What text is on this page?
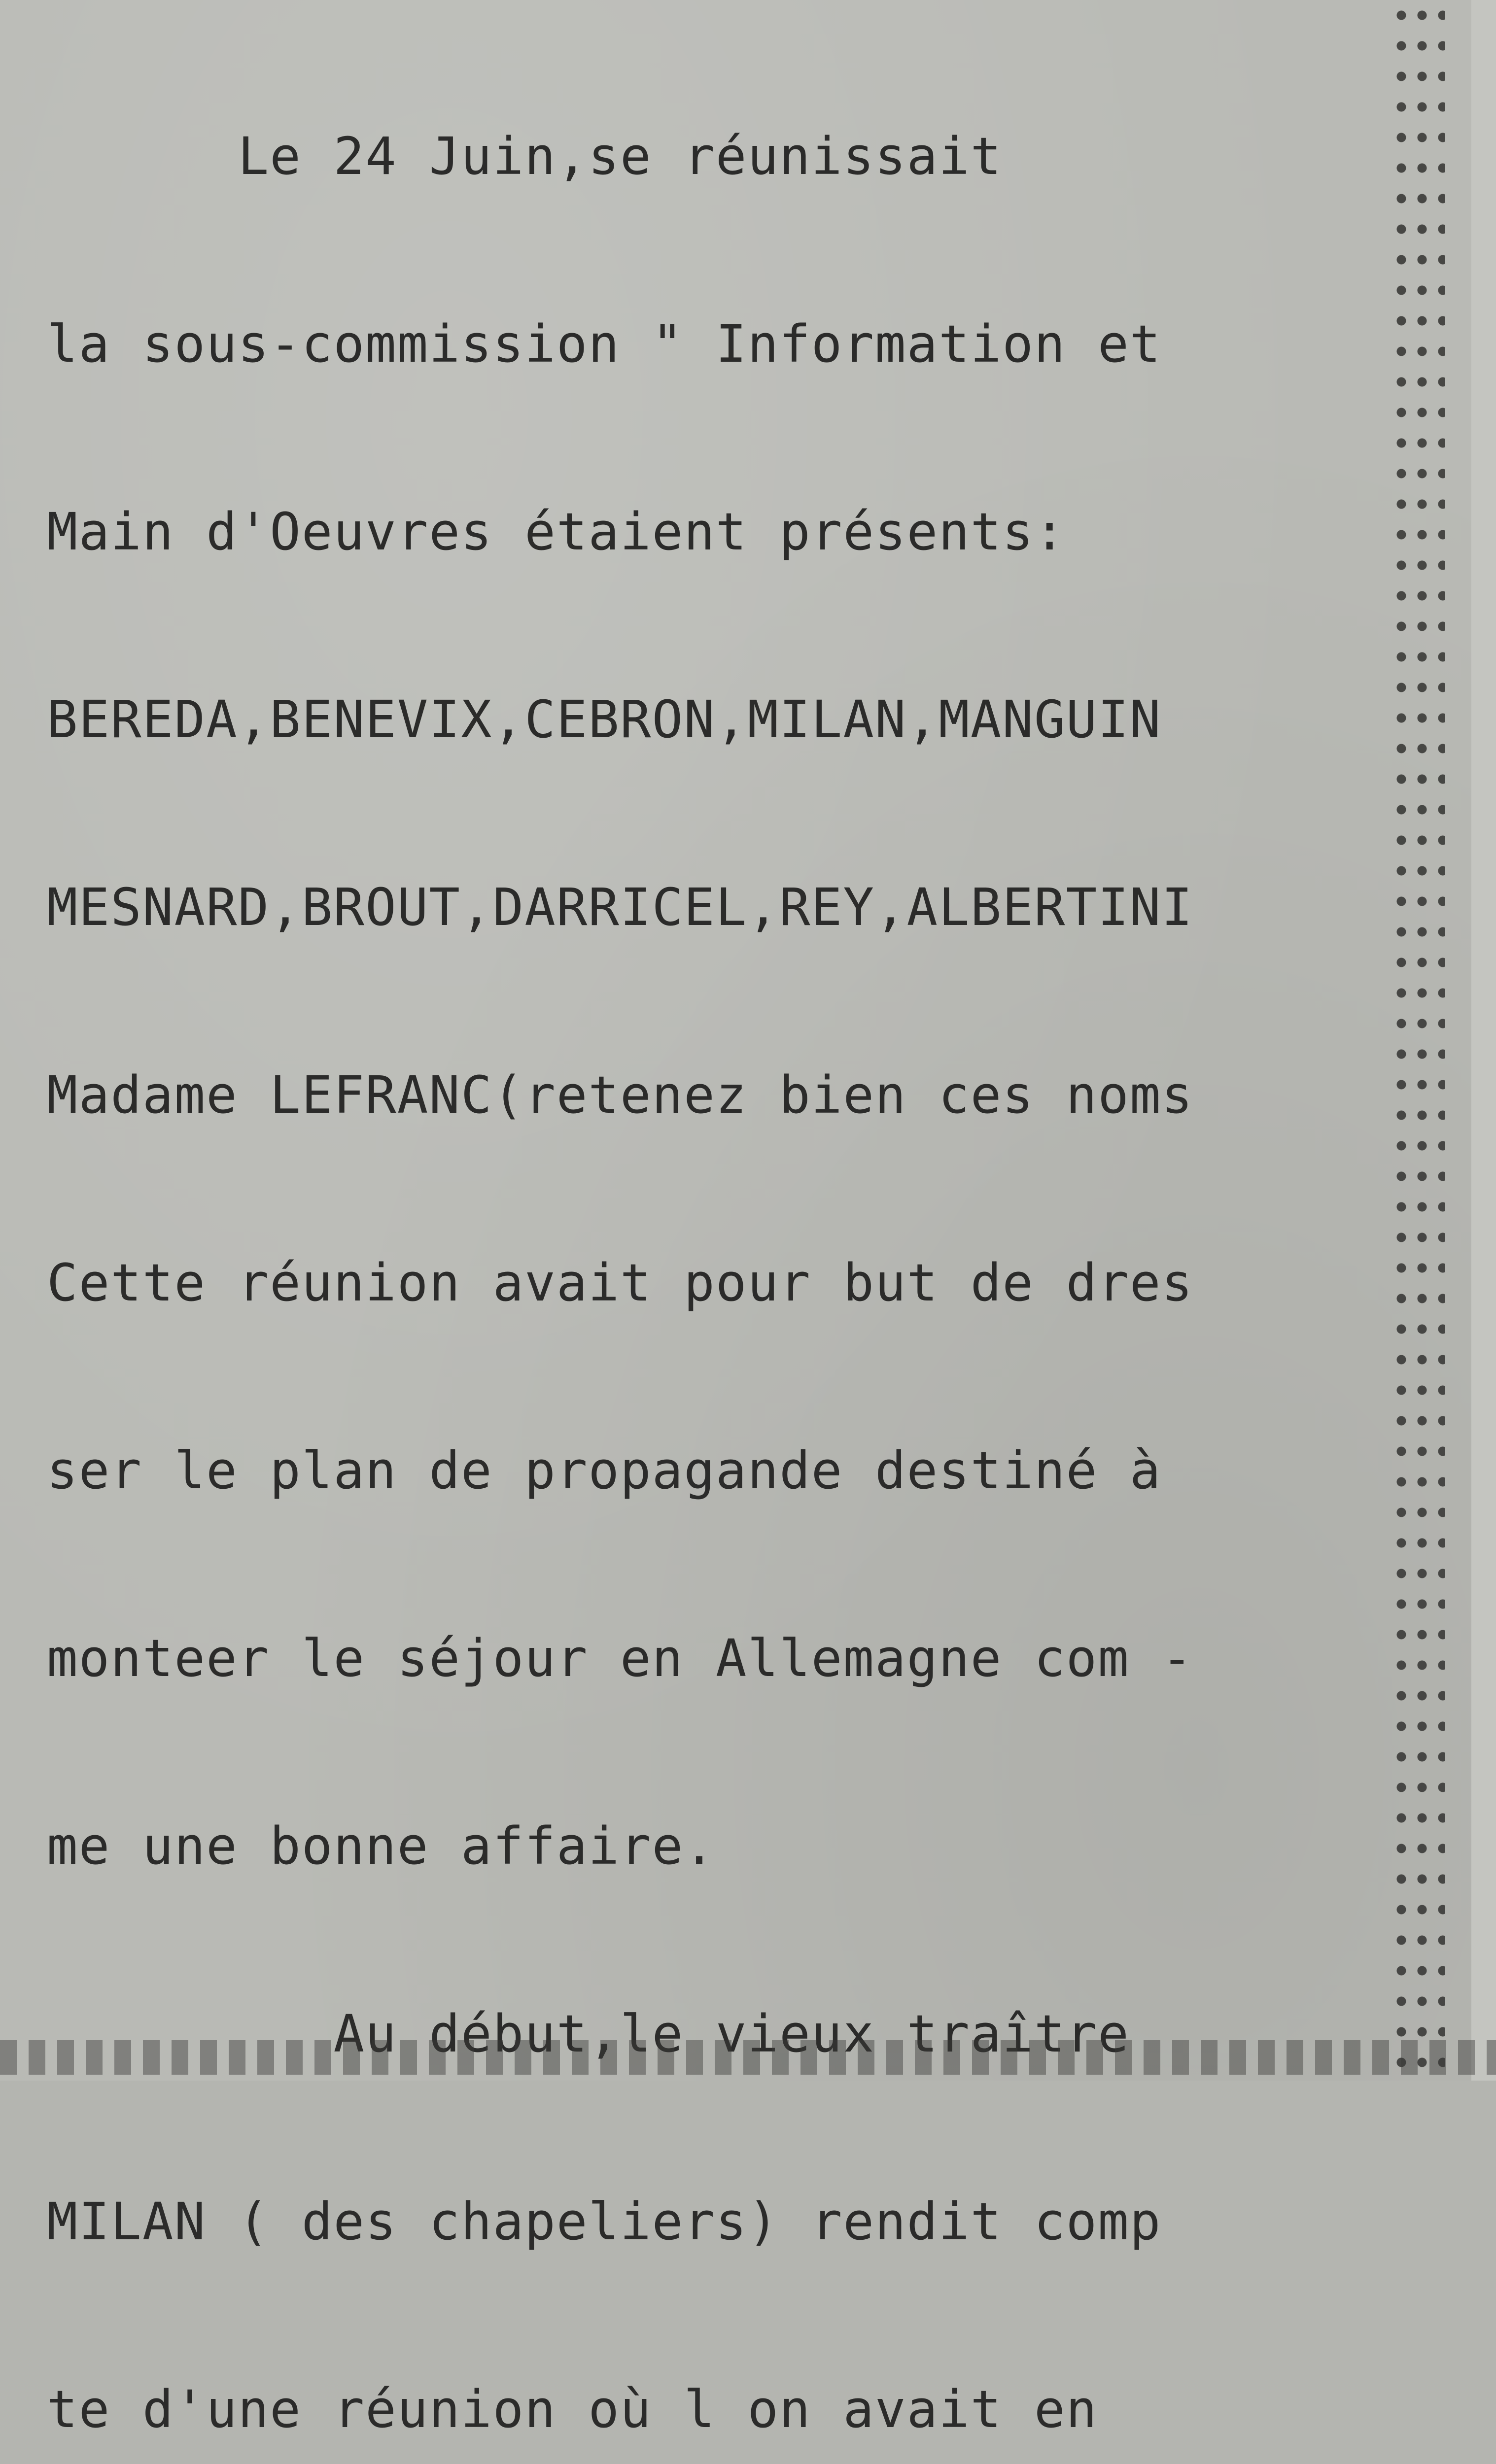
Le 24 Juin,se réunissait

la sous-commission " Information et

Main d'Oeuvres étaient présents:

BEREDA,BENEVIX,CEBRON,MILAN,MANGUIN

MESNARD,BROUT,DARRICEL,REY,ALBERTINI

Madame LEFRANC(retenez bien ces noms

Cette réunion avait pour but de dres

ser le plan de propagande destiné à

monteer le séjour en Allemagne com -

me une bonne affaire.

Au début,le vieux traître

MILAN ( des chapeliers) rendit comp

te d'une réunion où l on avait en
